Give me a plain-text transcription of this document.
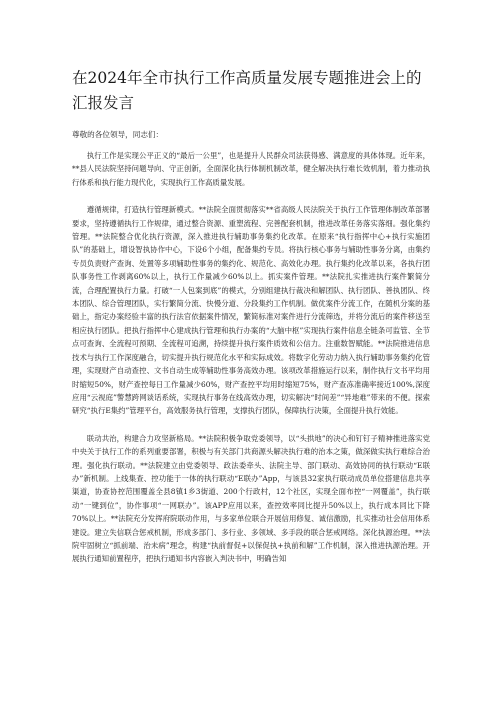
在2024年全市执行工作高质量发展专题推进会上的汇报发言

尊敬的各位领导，同志们：

执行工作是实现公平正义的“最后一公里”，也是提升人民群众司法获得感、满意度的具体体现。近年来，**县人民法院坚持问题导向、守正创新，全面深化执行体制机制改革，健全解决执行难长效机制，着力推动执行体系和执行能力现代化，实现执行工作高质量发展。

遵循规律，打造执行管理新模式。**法院全面贯彻落实**省高级人民法院关于执行工作管理体制改革部署要求，坚持遵循执行工作规律，通过整合资源、重塑流程、完善配套机制，推进改革任务落实落细。强化集约管理。**法院整合优化执行资源，深入推进执行辅助事务集约化改革。在原来“执行指挥中心+执行实施团队”的基础上，增设智执协作中心，下设6个小组，配备集约专员。将执行核心事务与辅助性事务分离，由集约专员负责财产查询、处置等多项辅助性事务的集约化、规范化、高效化办理。执行集约化改革以来，各执行团队事务性工作剥离60%以上，执行工作量减少60%以上。抓实案件管理。**法院扎实推进执行案件繁简分流，合理配置执行力量。打破“一人包案到底”的模式，分别组建执行裁决和解团队、执行团队、善执团队、终本团队、综合管理团队，实行繁简分流、快慢分道、分段集约工作机制。做优案件分流工作，在随机分案的基础上，指定办案经验丰富的执行法官依据案件情况，繁简标准对案件进行分流筛选，并将分流后的案件移送至相应执行团队。把执行指挥中心建成执行管理和执行办案的“大脑中枢”实现执行案件信息全链条可监管、全节点可查询、全流程可预期、全流程可追溯，持续提升执行案件质效和公信力。注重数智赋能。**法院推进信息技术与执行工作深度融合，切实提升执行规范化水平和实际成效。将数字化劳动力纳入执行辅助事务集约化管理，实现财产自动查控、文书自动生成等辅助性事务高效办理。该项改革措施运行以来，制作执行文书平均用时缩短50%，财产查控每日工作量减少60%，财产查控平均用时缩短75%，财产查冻准确率接近100%,深度应用“云视庭”警慧跨网谈话系统，实现执行事务在线高效办理，切实解决“时间差”“异地难”带来的不便。探索研究“执行E集约”管理平台，高效服务执行管理，支撑执行团队，保障执行决策，全面提升执行效能。

联动共治，构建合力攻坚新格局。**法院积极争取党委领导，以“头拱地”的决心和钉钉子精神推进落实党中央关于执行工作的系列重要部署，积极与有关部门共商源头解决执行难的治本之策，做深做实执行难综合治理。强化执行联动。**法院建立由党委领导、政法委牵头、法院主导、部门联动、高效协同的执行联动“E联办”新机制。上线集查、控功能于一体的执行联动“E联办”App，与该县32家执行联动成员单位搭建信息共享渠道，协查协控范围覆盖全县8镇1乡3街道、200个行政村，12个社区，实现全面布控“一网覆盖”，执行联动“一键到位”，协作事项“一网联办”。该APP应用以来，查控效率同比提升50%以上，执行成本同比下降70%以上。**法院充分发挥府院联动作用，与多家单位联合开展信用修复、诚信激励，扎实推动社会信用体系建设。建立失信联合惩戒机制，形成多部门、多行业、多领域、多手段的联合惩戒网络。深化执源治理。**法院牢固树立“抓前端、治未病”理念，构建“执前督促+以保促执+执前和解”工作机制，深入推进执源治理。开展执行通知前置程序，把执行通知书内容嵌入判决书中，明确告知
